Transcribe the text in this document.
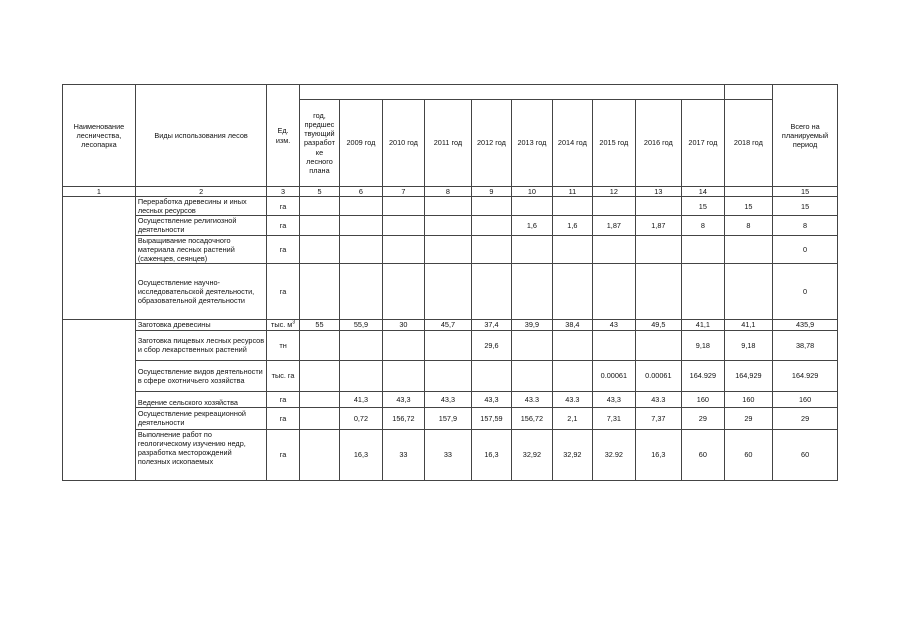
Наименование лесничества, лесопарка	Виды использования лесов	Ед. изм.												Всего на планируемый период
			год, предшес твующий разработ ке лесного плана	2009 год	2010 год	2011 год	2012 год	2013 год	2014 год	2015 год	2016 год	2017 год	2018 год	
1	2	3	5	6	7	8	9	10	11	12	13	14		15
	Переработка древесины и иных лесных ресурсов	га										15	15	15
	Осуществление религиозной деятельности	га						1,6	1,6	1,87	1,87	8	8	8
	Выращивание посадочного материала лесных растений (саженцев, сеянцев)	га												0
	Осуществление научно-исследовательской деятельности, образовательной деятельности	га												0
	Заготовка древесины	тыс. $м^3$	55	55,9	30	45,7	37,4	39,9	38,4	43	49,5	41,1	41,1	435,9
	Заготовка пищевых лесных ресурсов и сбор лекарственных растений	тн					29,6					9,18	9,18	38,78
	Осуществление видов деятельности в сфере охотничьего хозяйства	тыс. га								0.00061	0.00061	164.929	164,929	164.929
	Ведение сельского хозяйства	га		41,3	43,3	43,3	43,3	43.3	43.3	43,3	43.3	160	160	160
	Осуществление рекреационной деятельности	га		0,72	156,72	157,9	157,59	156,72	2,1	7,31	7,37	29	29	29
	Выполнение работ по геологическому изучению недр, разработка месторождений полезных ископаемых	га		16,3	33	33	16,3	32,92	32,92	32.92	16,3	60	60	60
